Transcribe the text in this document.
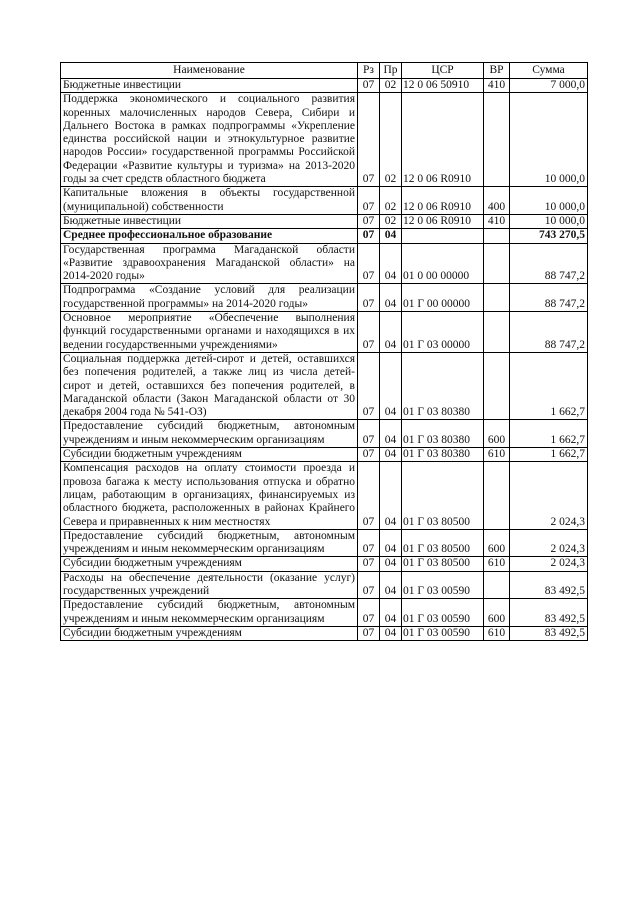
Наименование	Рз	Пр	ЦСР	ВР	Сумма
Бюджетные инвестиции	07	02	12 0 06 50910	410	7 000,0
Поддержка экономического и социального развития коренных малочисленных народов Севера, Сибири и Дальнего Востока в рамках подпрограммы «Укрепление единства российской нации и этнокультурное развитие народов России» государственной программы Российской Федерации «Развитие культуры и туризма» на 2013-2020 годы за счет средств областного бюджета	07	02	12 0 06 R0910		10 000,0
Капитальные вложения в объекты государственной (муниципальной) собственности	07	02	12 0 06 R0910	400	10 000,0
Бюджетные инвестиции	07	02	12 0 06 R0910	410	10 000,0
Среднее профессиональное образование	07	04			743 270,5
Государственная программа Магаданской области «Развитие здравоохранения Магаданской области» на 2014-2020 годы»	07	04	01 0 00 00000		88 747,2
Подпрограмма «Создание условий для реализации государственной программы» на 2014-2020 годы»	07	04	01 Г 00 00000		88 747,2
Основное мероприятие «Обеспечение выполнения функций государственными органами и находящихся в их ведении государственными учреждениями»	07	04	01 Г 03 00000		88 747,2
Социальная поддержка детей-сирот и детей, оставшихся без попечения родителей, а также лиц из числа детей-сирот и детей, оставшихся без попечения родителей, в Магаданской области (Закон Магаданской области от 30 декабря 2004 года № 541-ОЗ)	07	04	01 Г 03 80380		1 662,7
Предоставление субсидий бюджетным, автономным учреждениям и иным некоммерческим организациям	07	04	01 Г 03 80380	600	1 662,7
Субсидии бюджетным учреждениям	07	04	01 Г 03 80380	610	1 662,7
Компенсация расходов на оплату стоимости проезда и провоза багажа к месту использования отпуска и обратно лицам, работающим в организациях, финансируемых из областного бюджета, расположенных в районах Крайнего Севера и приравненных к ним местностях	07	04	01 Г 03 80500		2 024,3
Предоставление субсидий бюджетным, автономным учреждениям и иным некоммерческим организациям	07	04	01 Г 03 80500	600	2 024,3
Субсидии бюджетным учреждениям	07	04	01 Г 03 80500	610	2 024,3
Расходы на обеспечение деятельности (оказание услуг) государственных учреждений	07	04	01 Г 03 00590		83 492,5
Предоставление субсидий бюджетным, автономным учреждениям и иным некоммерческим организациям	07	04	01 Г 03 00590	600	83 492,5
Субсидии бюджетным учреждениям	07	04	01 Г 03 00590	610	83 492,5
